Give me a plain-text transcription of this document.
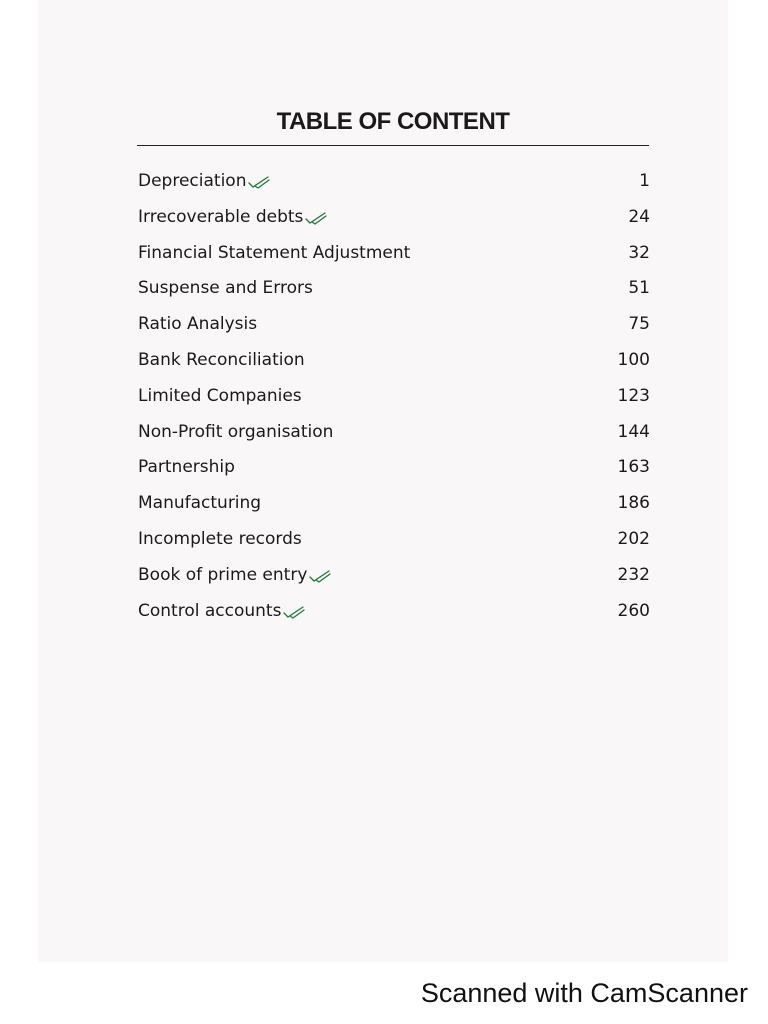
TABLE OF CONTENT
Depreciation	1
Irrecoverable debts	24
Financial Statement Adjustment	32
Suspense and Errors	51
Ratio Analysis	75
Bank Reconciliation	100
Limited Companies	123
Non-Profit organisation	144
Partnership	163
Manufacturing	186
Incomplete records	202
Book of prime entry	232
Control accounts	260
Scanned with CamScanner
